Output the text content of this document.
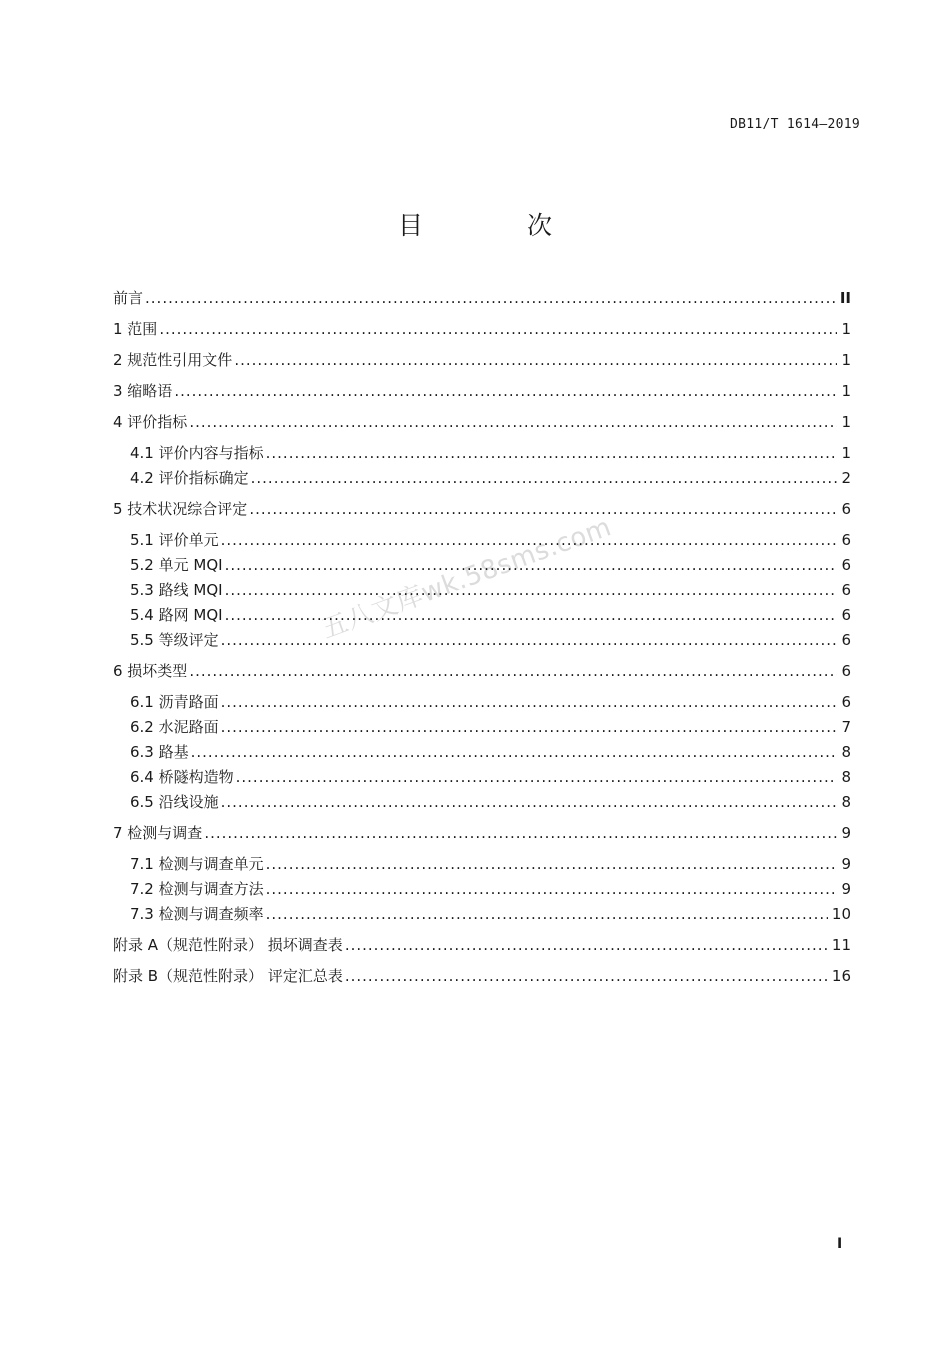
DB11/T 1614—2019
目 次
五八文库wk.58sms.com
前言 .....	II
1 范围 .....	1
2 规范性引用文件 .....	1
3 缩略语 .....	1
4 评价指标 .....	1
4.1 评价内容与指标 .....	1
4.2 评价指标确定 .....	2
5 技术状况综合评定 .....	6
5.1 评价单元 .....	6
5.2 单元 MQI .....	6
5.3 路线 MQI .....	6
5.4 路网 MQI .....	6
5.5 等级评定 .....	6
6 损坏类型 .....	6
6.1 沥青路面 .....	6
6.2 水泥路面 .....	7
6.3 路基 .....	8
6.4 桥隧构造物 .....	8
6.5 沿线设施 .....	8
7 检测与调查 .....	9
7.1 检测与调查单元 .....	9
7.2 检测与调查方法 .....	9
7.3 检测与调查频率 .....	10
附录 A（规范性附录） 损坏调查表 .....	11
附录 B（规范性附录） 评定汇总表 .....	16
I
